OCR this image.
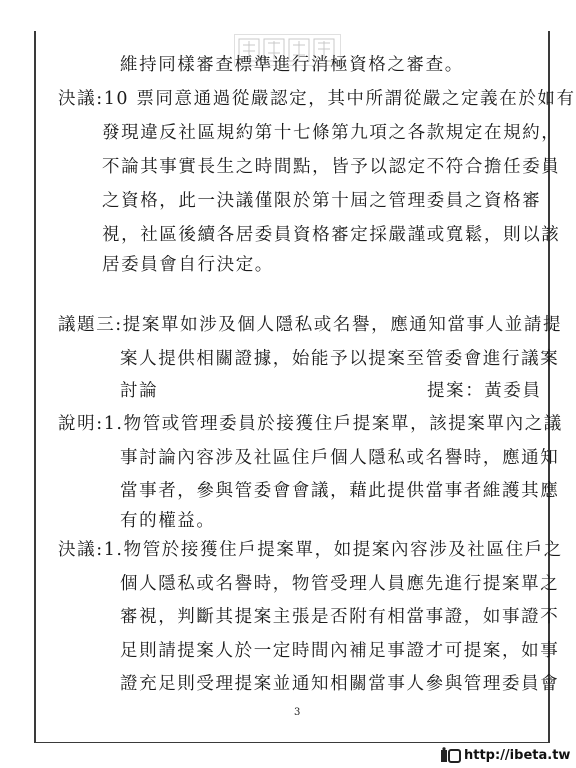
維持同樣審查標準進行消極資格之審查。
決議:10 票同意通過從嚴認定，其中所謂從嚴之定義在於如有
發現違反社區規約第十七條第九項之各款規定在規約，
不論其事實長生之時間點，皆予以認定不符合擔任委員
之資格，此一決議僅限於第十屆之管理委員之資格審
視，社區後續各居委員資格審定採嚴謹或寬鬆，則以該
居委員會自行決定。
議題三:提案單如涉及個人隱私或名譽，應通知當事人並請提
案人提供相關證據，始能予以提案至管委會進行議案
討論	提案：黃委員
說明:1.物管或管理委員於接獲住戶提案單，該提案單內之議
事討論內容涉及社區住戶個人隱私或名譽時，應通知
當事者，參與管委會會議，藉此提供當事者維護其應
有的權益。
決議:1.物管於接獲住戶提案單，如提案內容涉及社區住戶之
個人隱私或名譽時，物管受理人員應先進行提案單之
審視，判斷其提案主張是否附有相當事證，如事證不
足則請提案人於一定時間內補足事證才可提案，如事
證充足則受理提案並通知相關當事人參與管理委員會
3
http://ibeta.tw
